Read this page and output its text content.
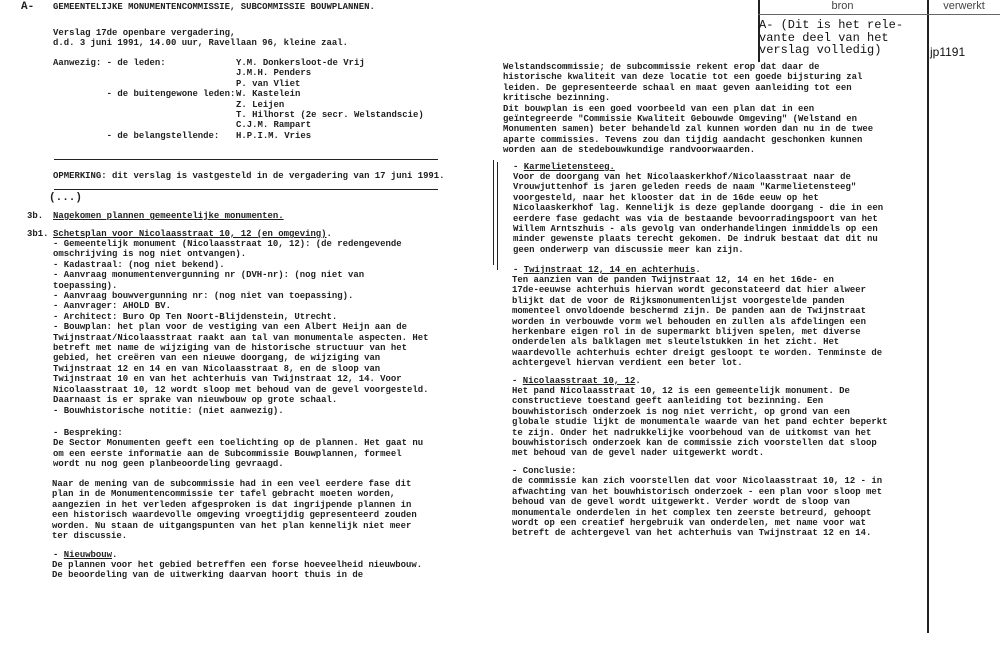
bron	verwerkt
A- (Dit is het rele-
vante deel van het
verslag volledig)	jp1191
A- GEMEENTELIJKE MONUMENTENCOMMISSIE, SUBCOMMISSIE BOUWPLANNEN.
Verslag 17de openbare vergadering,
d.d. 3 juni 1991, 14.00 uur, Ravellaan 96, kleine zaal.
Aanwezig: - de leden:

- de buitengewone leden:

- de belangstellende:
Y.M. Donkersloot-de Vrij
J.M.H. Penders
P. van Vliet
W. Kastelein
Z. Leijen
T. Hilhorst (2e secr. Welstandscie)
C.J.M. Rampart
H.P.I.M. Vries
OPMERKING: dit verslag is vastgesteld in de vergadering van 17 juni 1991.
(...)
3b. Nagekomen plannen gemeentelijke monumenten.
3b1. Schetsplan voor Nicolaasstraat 10, 12 (en omgeving).
- Gemeentelijk monument (Nicolaasstraat 10, 12): (de redengevende
omschrijving is nog niet ontvangen).
- Kadastraal: (nog niet bekend).
- Aanvraag monumentenvergunning nr (DVH-nr): (nog niet van
toepassing).
- Aanvraag bouwvergunning nr: (nog niet van toepassing).
- Aanvrager: AHOLD BV.
- Architect: Buro Op Ten Noort-Blijdenstein, Utrecht.
- Bouwplan: het plan voor de vestiging van een Albert Heijn aan de
Twijnstraat/Nicolaasstraat raakt aan tal van monumentale aspecten. Het
betreft met name de wijziging van de historische structuur van het
gebied, het creëren van een nieuwe doorgang, de wijziging van
Twijnstraat 12 en 14 en van Nicolaasstraat 8, en de sloop van
Twijnstraat 10 en van het achterhuis van Twijnstraat 12, 14. Voor
Nicolaasstraat 10, 12 wordt sloop met behoud van de gevel voorgesteld.
Daarnaast is er sprake van nieuwbouw op grote schaal.
- Bouwhistorische notitie: (niet aanwezig).
- Bespreking:
De Sector Monumenten geeft een toelichting op de plannen. Het gaat nu
om een eerste informatie aan de Subcommissie Bouwplannen, formeel
wordt nu nog geen planbeoordeling gevraagd.
Naar de mening van de subcommissie had in een veel eerdere fase dit
plan in de Monumentencommissie ter tafel gebracht moeten worden,
aangezien in het verleden afgesproken is dat ingrijpende plannen in
een historisch waardevolle omgeving vroegtijdig gepresenteerd zouden
worden. Nu staan de uitgangspunten van het plan kennelijk niet meer
ter discussie.
- Nieuwbouw.
De plannen voor het gebied betreffen een forse hoeveelheid nieuwbouw.
De beoordeling van de uitwerking daarvan hoort thuis in de
Welstandscommissie; de subcommissie rekent erop dat daar de
historische kwaliteit van deze locatie tot een goede bijsturing zal
leiden. De gepresenteerde schaal en maat geven aanleiding tot een
kritische bezinning.
Dit bouwplan is een goed voorbeeld van een plan dat in een
geïntegreerde "Commissie Kwaliteit Gebouwde Omgeving" (Welstand en
Monumenten samen) beter behandeld zal kunnen worden dan nu in de twee
aparte commissies. Tevens zou dan tijdig aandacht geschonken kunnen
worden aan de stedebouwkundige randvoorwaarden.
- Karmelietensteeg.
Voor de doorgang van het Nicolaaskerkhof/Nicolaasstraat naar de
Vrouwjuttenhof is jaren geleden reeds de naam "Karmelietensteeg"
voorgesteld, naar het klooster dat in de 16de eeuw op het
Nicolaaskerkhof lag. Kennelijk is deze geplande doorgang - die in een
eerdere fase gedacht was via de bestaande bevoorradingspoort van het
Willem Arntszhuis - als gevolg van onderhandelingen inmiddels op een
minder gewenste plaats terecht gekomen. De indruk bestaat dat dit nu
geen onderwerp van discussie meer kan zijn.
- Twijnstraat 12, 14 en achterhuis.
Ten aanzien van de panden Twijnstraat 12, 14 en het 16de- en
17de-eeuwse achterhuis hiervan wordt geconstateerd dat hier alweer
blijkt dat de voor de Rijksmonumentenlijst voorgestelde panden
momenteel onvoldoende beschermd zijn. De panden aan de Twijnstraat
worden in verbouwde vorm wel behouden en zullen als afdelingen een
herkenbare eigen rol in de supermarkt blijven spelen, met diverse
onderdelen als balklagen met sleutelstukken in het zicht. Het
waardevolle achterhuis echter dreigt gesloopt te worden. Tenminste de
achtergevel hiervan verdient een beter lot.
- Nicolaasstraat 10, 12.
Het pand Nicolaasstraat 10, 12 is een gemeentelijk monument. De
constructieve toestand geeft aanleiding tot bezinning. Een
bouwhistorisch onderzoek is nog niet verricht, op grond van een
globale studie lijkt de monumentale waarde van het pand echter beperkt
te zijn. Onder het nadrukkelijke voorbehoud van de uitkomst van het
bouwhistorisch onderzoek kan de commissie zich voorstellen dat sloop
met behoud van de gevel nader uitgewerkt wordt.
- Conclusie:
de commissie kan zich voorstellen dat voor Nicolaasstraat 10, 12 - in
afwachting van het bouwhistorisch onderzoek - een plan voor sloop met
behoud van de gevel wordt uitgewerkt. Verder wordt de sloop van
monumentale onderdelen in het complex ten zeerste betreurd, gehoopt
wordt op een creatief hergebruik van onderdelen, met name voor wat
betreft de achtergevel van het achterhuis van Twijnstraat 12 en 14.
